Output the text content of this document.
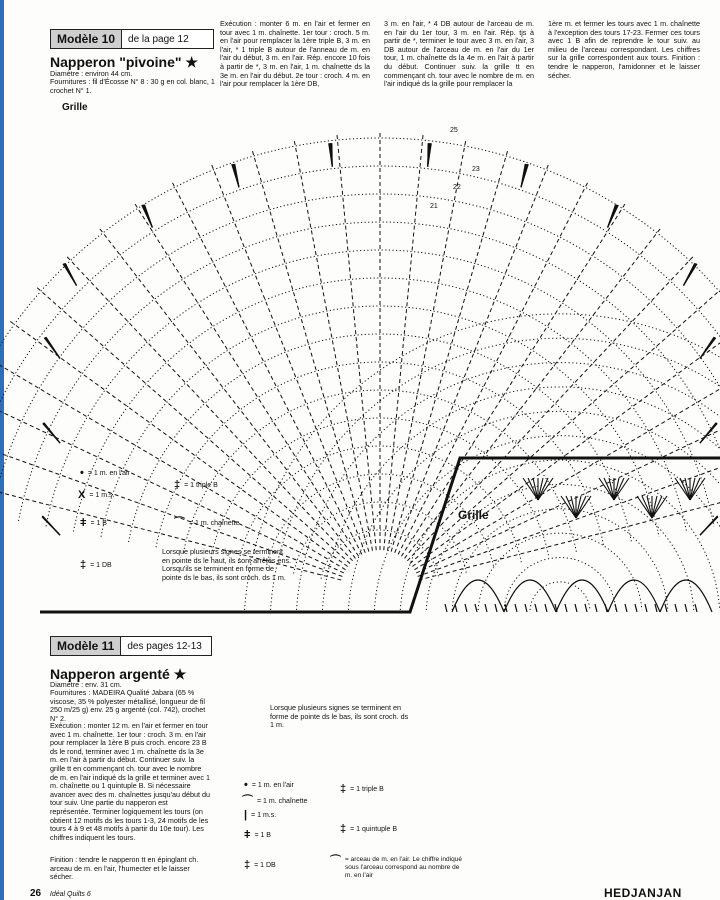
Modèle 10	de la page 12
Napperon "pivoine" ★
Diamètre : environ 44 cm.
Fournitures : fil d'Écosse N° 8 : 30 g en col. blanc, 1 crochet N° 1.
Exécution : monter 6 m. en l'air et fermer en tour avec 1 m. chaînette. 1er tour : croch. 5 m. en l'air pour remplacer la 1ère triple B, 3 m. en l'air, * 1 triple B autour de l'anneau de m. en l'air du début, 3 m. en l'air. Rép. encore 10 fois à partir de *, 3 m. en l'air, 1 m. chaînette ds la 3e m. en l'air du début. 2e tour : croch. 4 m. en l'air pour remplacer la 1ère DB,
3 m. en l'air, * 4 DB autour de l'arceau de m. en l'air du 1er tour, 3 m. en l'air. Rép. tjs à partir de *, terminer le tour avec 3 m. en l'air, 3 DB autour de l'arceau de m. en l'air du 1er tour, 1 m. chaînette ds la 4e m. en l'air à partir du début. Continuer suiv. la grille tt en commençant ch. tour avec le nombre de m. en l'air indiqué ds la grille pour remplacer la
1ère m. et fermer les tours avec 1 m. chaînette à l'exception des tours 17-23. Fermer ces tours avec 1 B afin de reprendre le tour suiv. au milieu de l'arceau correspondant. Les chiffres sur la grille correspondent aux tours. Finition : tendre le napperon, l'amidonner et le laisser sécher.
Grille
25
23
22
21
• = 1 m. en l'air
X = 1 m.s.
ǂ = 1 B
‡ = 1 DB
‡ = 1 triple B
⌒ = 1 m. chaînette
Lorsque plusieurs signes se terminent en pointe ds le haut, ils sont arrêtés ens. Lorsqu'ils se terminent en forme de pointe ds le bas, ils sont croch. ds 1 m.
Modèle 11	des pages 12-13
Napperon argenté ★
Diamètre : env. 31 cm.
Fournitures : MADEIRA Qualité Jabara (65 % viscose, 35 % polyester métallisé, longueur de fil 250 m/25 g) env. 25 g argenté (col. 742), crochet N° 2.
Exécution : monter 12 m. en l'air et fermer en tour avec 1 m. chaînette. 1er tour : croch. 3 m. en l'air pour remplacer la 1ère B puis croch. encore 23 B ds le rond, terminer avec 1 m. chaînette ds la 3e m. en l'air à partir du début. Continuer suiv. la grille tt en commençant ch. tour avec le nombre de m. en l'air indiqué ds la grille et terminer avec 1 m. chaînette ou 1 quintuple B. Si nécessaire avancer avec des m. chaînettes jusqu'au début du tour suiv. Une partie du napperon est représentée. Terminer logiquement les tours (on obtient 12 motifs ds les tours 1-3, 24 motifs de les tours 4 à 9 et 48 motifs à partir du 10e tour). Les chiffres indiquent les tours.
Finition : tendre le napperon tt en épinglant ch. arceau de m. en l'air, l'humecter et le laisser sécher.
Lorsque plusieurs signes se terminent en forme de pointe ds le bas, ils sont croch. ds 1 m.
Grille
• = 1 m. en l'air
⌒ = 1 m. chaînette
| = 1 m.s.
ǂ = 1 B
‡ = 1 DB
‡ = 1 triple B
‡ = 1 quintuple B
⌒ = arceau de m. en l'air. Le chiffre indiqué sous l'arceau correspond au nombre de m. en l'air
26 Idéal Quilts 6	HEDJANJAN
